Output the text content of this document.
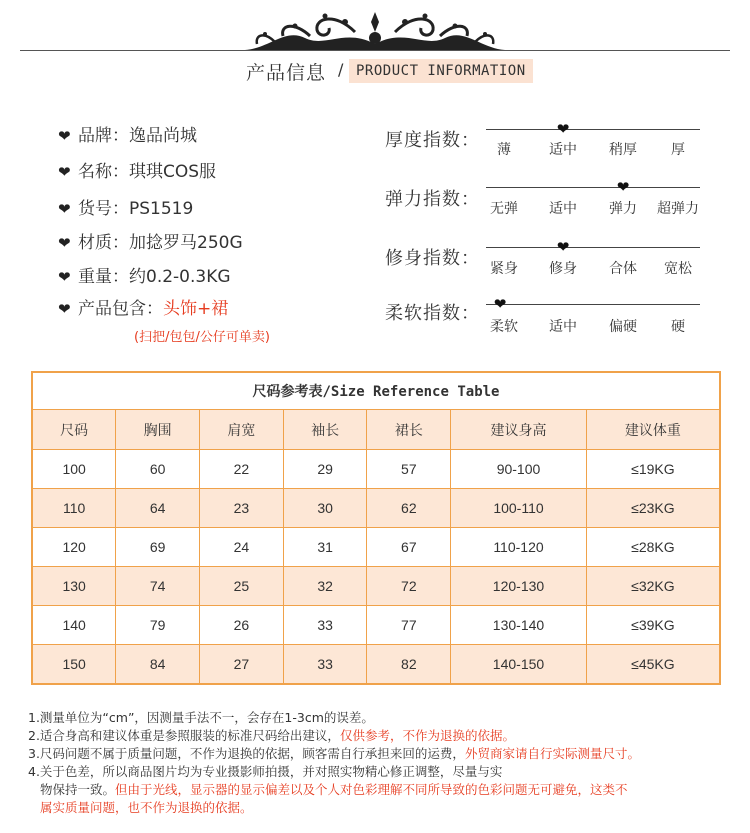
产品信息 / PRODUCT INFORMATION
❤ 品牌：逸品尚城
❤ 名称：琪琪COS服
❤ 货号：PS1519
❤ 材质：加捻罗马250G
❤ 重量：约0.2-0.3KG
❤ 产品包含：头饰+裙
(扫把/包包/公仔可单卖)
厚度指数：	薄	适中	稍厚	厚
❤
弹力指数： 无弹	适中	弹力	超弹力
❤
修身指数： 紧身	修身	合体	宽松
❤
柔软指数：
柔软	适中	偏硬	硬
❤
尺码参考表/Size Reference Table						
尺码	胸围	肩宽	袖长	裙长	建议身高	建议体重
100	60	22	29	57	90-100	≤19KG
110	64	23	30	62	100-110	≤23KG
120	69	24	31	67	110-120	≤28KG
130	74	25	32	72	120-130	≤32KG
140	79	26	33	77	130-140	≤39KG
150	84	27	33	82	140-150	≤45KG
1.测量单位为“cm”，因测量手法不一，会存在1-3cm的误差。
2.适合身高和建议体重是参照服装的标准尺码给出建议，仅供参考，不作为退换的依据。
3.尺码问题不属于质量问题，不作为退换的依据，顾客需自行承担来回的运费，外贸商家请自行实际测量尺寸。
4.关于色差，所以商品图片均为专业摄影师拍摄，并对照实物精心修正调整，尽量与实
物保持一致。但由于光线，显示器的显示偏差以及个人对色彩理解不同所导致的色彩问题无可避免，这类不
属实质量问题，也不作为退换的依据。
